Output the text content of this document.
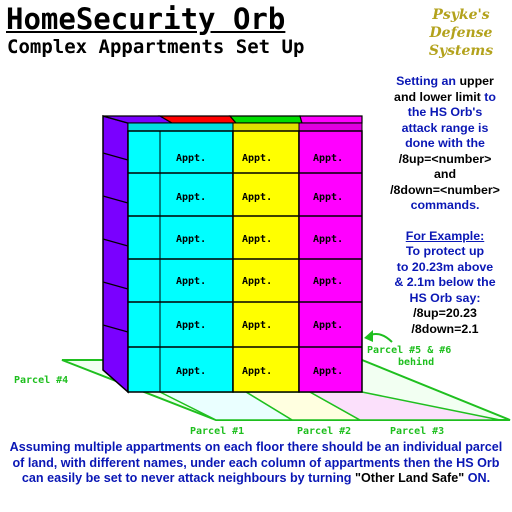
HomeSecurity Orb
Complex Appartments Set Up
Psyke's
Defense
Systems
Appt.	Appt.	Appt.
Appt.	Appt.	Appt.
Appt.	Appt.	Appt.
Appt.	Appt.	Appt.
Appt.	Appt.	Appt.
Appt.	Appt.	Appt.
Parcel #4
Parcel #1	Parcel #2	Parcel #3
Parcel #5 & #6
behind
Setting an upper
and lower limit to
the HS Orb's
attack range is
done with the
/8up=<number>
and
/8down=<number>
commands.
For Example:
To protect up
to 20.23m above
& 2.1m below the
HS Orb say:
/8up=20.23
/8down=2.1
Assuming multiple appartments on each floor there should be an individual parcel of land, with different names, under each column of appartments then the HS Orb can easily be set to never attack neighbours by turning "Other Land Safe" ON.
